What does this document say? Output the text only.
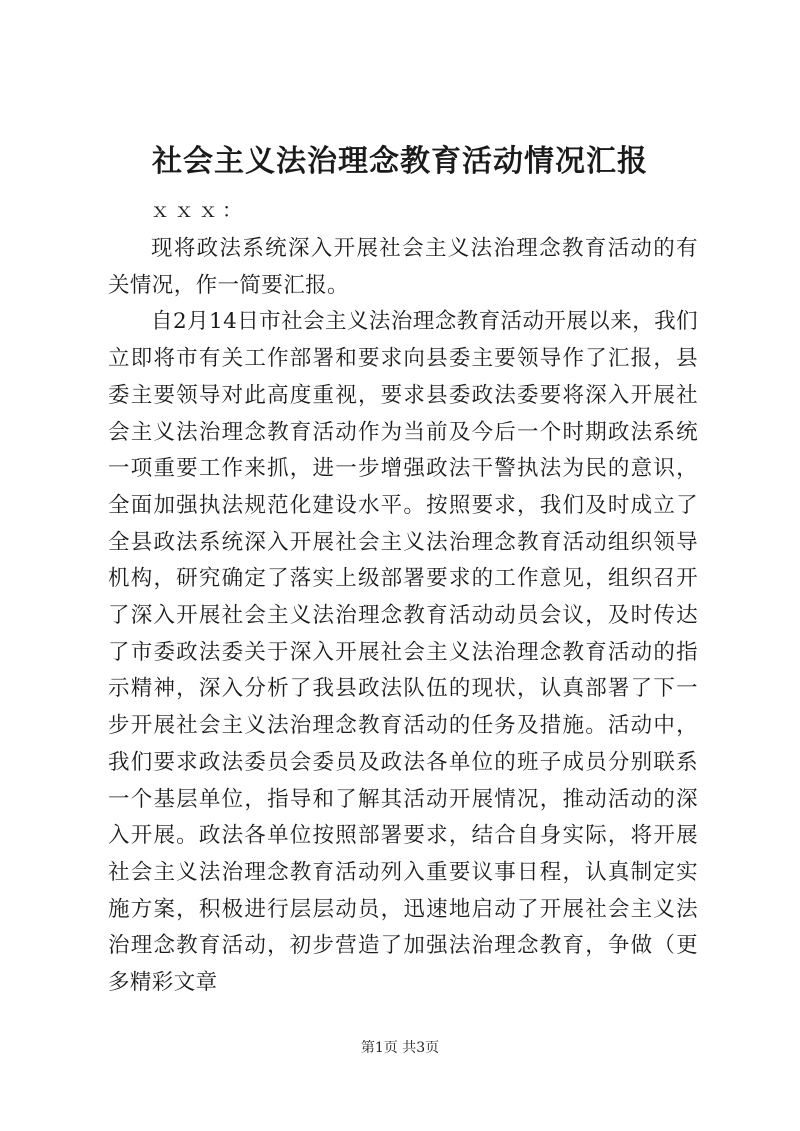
社会主义法治理念教育活动情况汇报

ｘｘｘ：

现将政法系统深入开展社会主义法治理念教育活动的有关情况，作一简要汇报。

自2月14日市社会主义法治理念教育活动开展以来，我们立即将市有关工作部署和要求向县委主要领导作了汇报，县委主要领导对此高度重视，要求县委政法委要将深入开展社会主义法治理念教育活动作为当前及今后一个时期政法系统一项重要工作来抓，进一步增强政法干警执法为民的意识，全面加强执法规范化建设水平。按照要求，我们及时成立了全县政法系统深入开展社会主义法治理念教育活动组织领导机构，研究确定了落实上级部署要求的工作意见，组织召开了深入开展社会主义法治理念教育活动动员会议，及时传达了市委政法委关于深入开展社会主义法治理念教育活动的指示精神，深入分析了我县政法队伍的现状，认真部署了下一步开展社会主义法治理念教育活动的任务及措施。活动中，我们要求政法委员会委员及政法各单位的班子成员分别联系一个基层单位，指导和了解其活动开展情况，推动活动的深入开展。政法各单位按照部署要求，结合自身实际，将开展社会主义法治理念教育活动列入重要议事日程，认真制定实施方案，积极进行层层动员，迅速地启动了开展社会主义法治理念教育活动，初步营造了加强法治理念教育，争做（更多精彩文章

第1页 共3页
